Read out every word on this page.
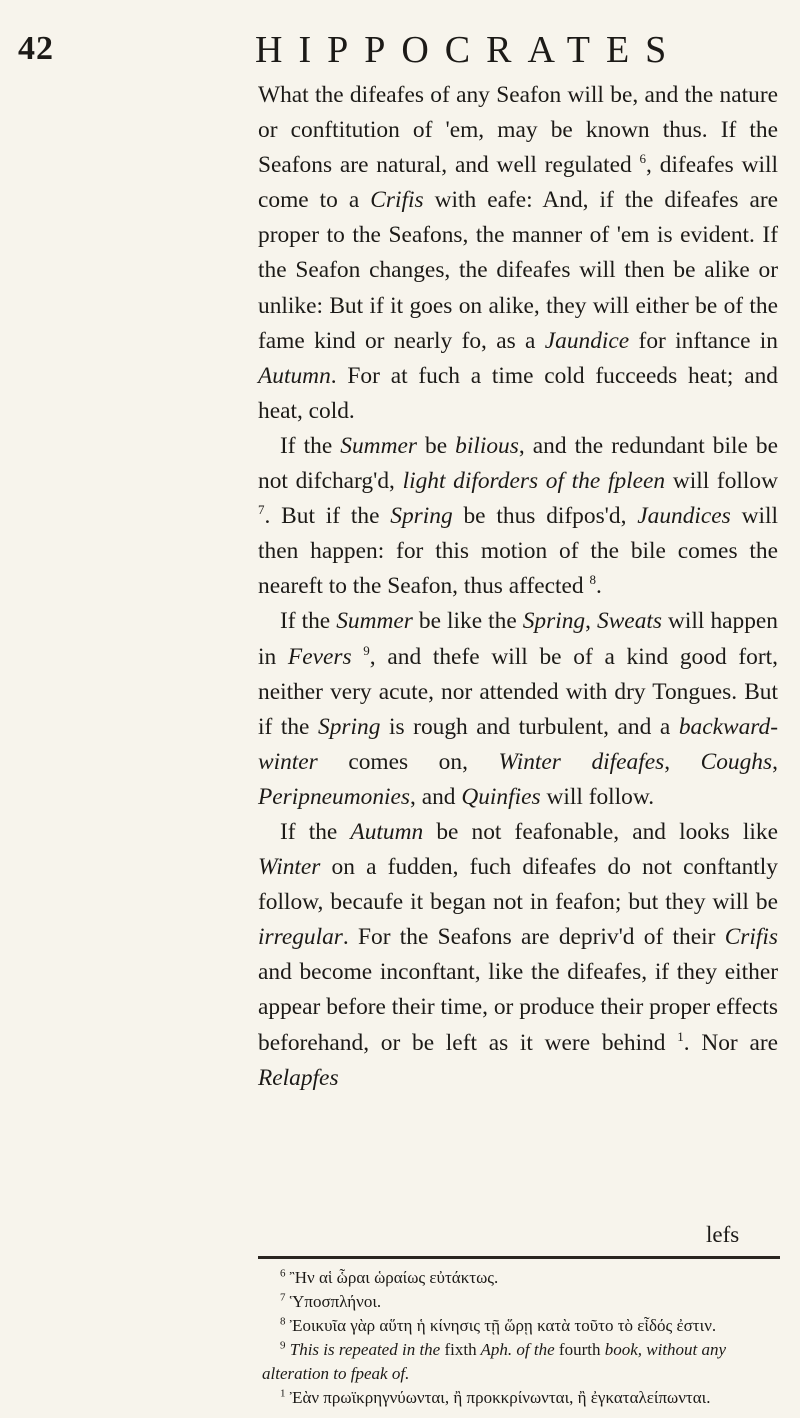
42	HIPPOCRATES

What the difeafes of any Seafon will be, and the nature or conftitution of 'em, may be known thus. If the Seafons are natural, and well regulated $^6$, difeafes will come to a Crifis with eafe: And, if the difeafes are proper to the Seafons, the manner of 'em is evident. If the Seafon changes, the difeafes will then be alike or unlike: But if it goes on alike, they will either be of the fame kind or nearly fo, as a Jaundice for inftance in Autumn. For at fuch a time cold fucceeds heat; and heat, cold.

If the Summer be bilious, and the redundant bile be not difcharg'd, light diforders of the fpleen will follow $^7$. But if the Spring be thus difpos'd, Jaundices will then happen: for this motion of the bile comes the neareft to the Seafon, thus affected $^8$.

If the Summer be like the Spring, Sweats will happen in Fevers $^9$, and thefe will be of a kind good fort, neither very acute, nor attended with dry Tongues. But if the Spring is rough and turbulent, and a backward-winter comes on, Winter difeafes, Coughs, Peripneumonies, and Quinfies will follow.

If the Autumn be not feafonable, and looks like Winter on a fudden, fuch difeafes do not conftantly follow, becaufe it began not in feafon; but they will be irregular. For the Seafons are depriv'd of their Crifis and become inconftant, like the difeafes, if they either appear before their time, or produce their proper effects beforehand, or be left as it were behind $^1$. Nor are Relapfes

lefs

$^6$ Ἢν αἱ ὧραι ὡραίως εὐτάκτως.

$^7$ Ὑποσπλήνοι.

$^8$ Ἐοικυῖα γὰρ αὕτη ἡ κίνησις τῇ ὥρῃ κατὰ τοῦτο τὸ εἶδός ἐστιν.

$^9$ This is repeated in the fixth Aph. of the fourth book, without any alteration to fpeak of.

$^1$ Ἐὰν πρωϊκρηγνύωνται, ἢ προκκρίνωνται, ἢ ἐγκαταλείπωνται.
